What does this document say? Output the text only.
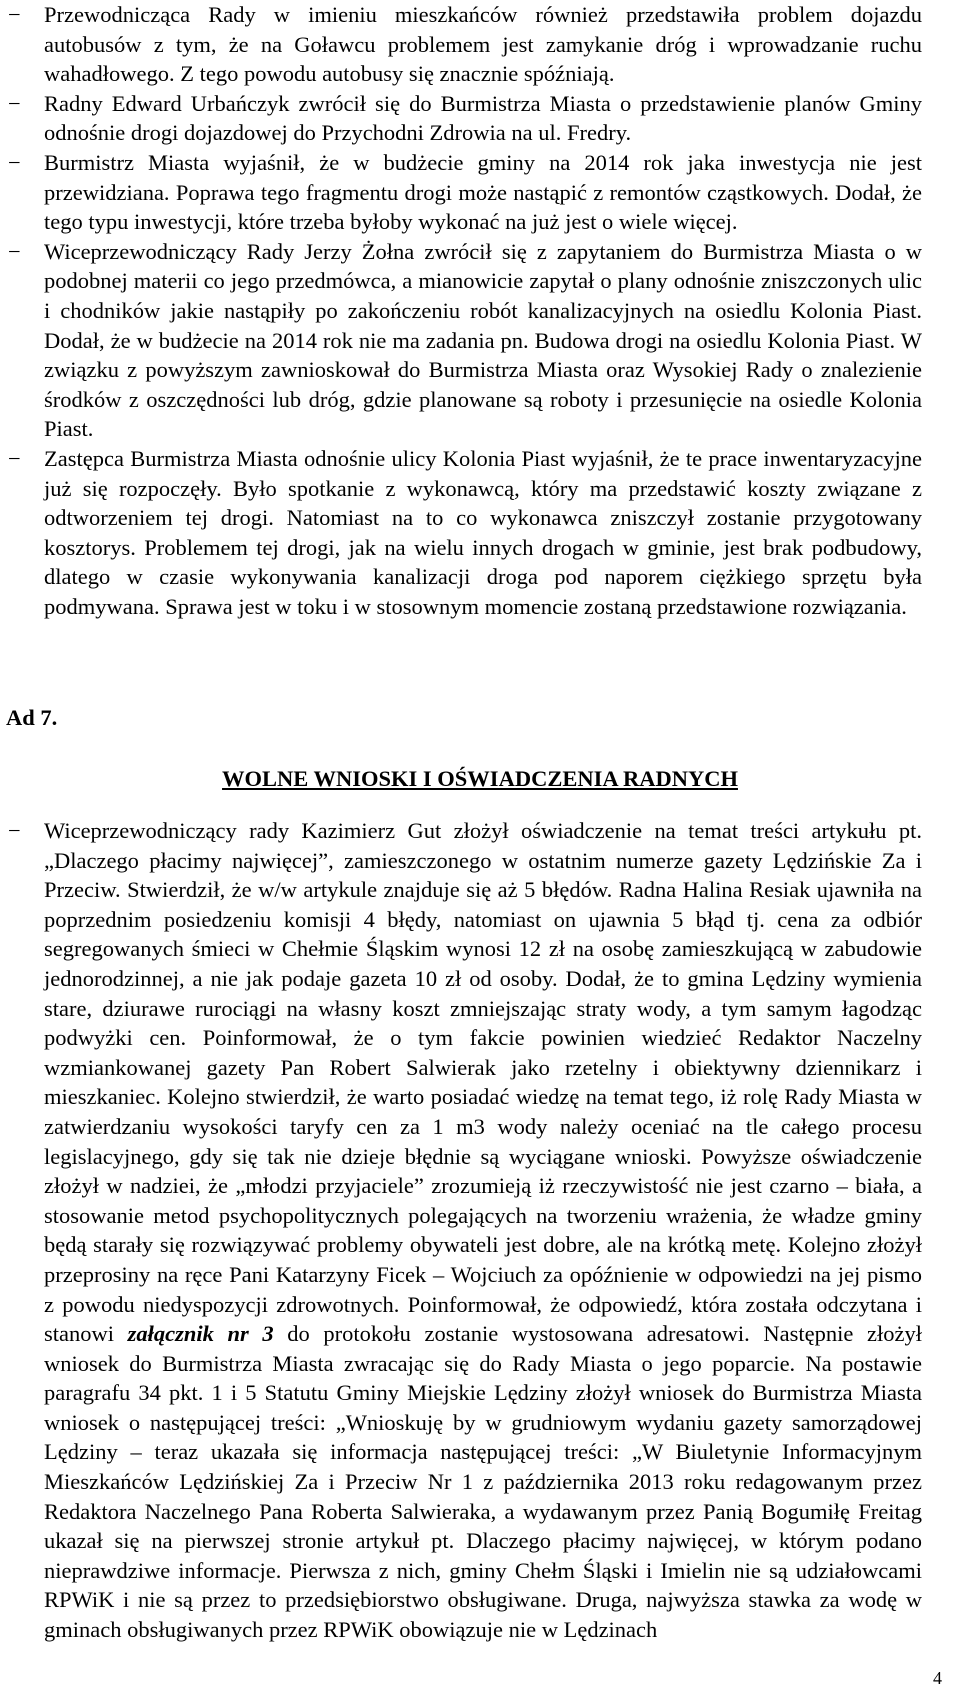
− Przewodnicząca Rady w imieniu mieszkańców również przedstawiła problem dojazdu autobusów z tym, że na Goławcu problemem jest zamykanie dróg i wprowadzanie ruchu wahadłowego. Z tego powodu autobusy się znacznie spóźniają.
− Radny Edward Urbańczyk zwrócił się do Burmistrza Miasta o przedstawienie planów Gminy odnośnie drogi dojazdowej do Przychodni Zdrowia na ul. Fredry.
− Burmistrz Miasta wyjaśnił, że w budżecie gminy na 2014 rok jaka inwestycja nie jest przewidziana. Poprawa tego fragmentu drogi może nastąpić z remontów cząstkowych. Dodał, że tego typu inwestycji, które trzeba byłoby wykonać na już jest o wiele więcej.
− Wiceprzewodniczący Rady Jerzy Żołna zwrócił się z zapytaniem do Burmistrza Miasta o w podobnej materii co jego przedmówca, a mianowicie zapytał o plany odnośnie zniszczonych ulic i chodników jakie nastąpiły po zakończeniu robót kanalizacyjnych na osiedlu Kolonia Piast. Dodał, że w budżecie na 2014 rok nie ma zadania pn. Budowa drogi na osiedlu Kolonia Piast. W związku z powyższym zawnioskował do Burmistrza Miasta oraz Wysokiej Rady o znalezienie środków z oszczędności lub dróg, gdzie planowane są roboty i przesunięcie na osiedle Kolonia Piast.
− Zastępca Burmistrza Miasta odnośnie ulicy Kolonia Piast wyjaśnił, że te prace inwentaryzacyjne już się rozpoczęły. Było spotkanie z wykonawcą, który ma przedstawić koszty związane z odtworzeniem tej drogi. Natomiast na to co wykonawca zniszczył zostanie przygotowany kosztorys. Problemem tej drogi, jak na wielu innych drogach w gminie, jest brak podbudowy, dlatego w czasie wykonywania kanalizacji droga pod naporem ciężkiego sprzętu była podmywana. Sprawa jest w toku i w stosownym momencie zostaną przedstawione rozwiązania.
Ad 7.
WOLNE WNIOSKI I OŚWIADCZENIA RADNYCH
− Wiceprzewodniczący rady Kazimierz Gut złożył oświadczenie na temat treści artykułu pt. „Dlaczego płacimy najwięcej”, zamieszczonego w ostatnim numerze gazety Lędzińskie Za i Przeciw. Stwierdził, że w/w artykule znajduje się aż 5 błędów. Radna Halina Resiak ujawniła na poprzednim posiedzeniu komisji 4 błędy, natomiast on ujawnia 5 błąd tj. cena za odbiór segregowanych śmieci w Chełmie Śląskim wynosi 12 zł na osobę zamieszkującą w zabudowie jednorodzinnej, a nie jak podaje gazeta 10 zł od osoby. Dodał, że to gmina Lędziny wymienia stare, dziurawe rurociągi na własny koszt zmniejszając straty wody, a tym samym łagodząc podwyżki cen. Poinformował, że o tym fakcie powinien wiedzieć Redaktor Naczelny wzmiankowanej gazety Pan Robert Salwierak jako rzetelny i obiektywny dziennikarz i mieszkaniec. Kolejno stwierdził, że warto posiadać wiedzę na temat tego, iż rolę Rady Miasta w zatwierdzaniu wysokości taryfy cen za 1 m3 wody należy oceniać na tle całego procesu legislacyjnego, gdy się tak nie dzieje błędnie są wyciągane wnioski. Powyższe oświadczenie złożył w nadziei, że „młodzi przyjaciele” zrozumieją iż rzeczywistość nie jest czarno – biała, a stosowanie metod psychopolitycznych polegających na tworzeniu wrażenia, że władze gminy będą starały się rozwiązywać problemy obywateli jest dobre, ale na krótką metę. Kolejno złożył przeprosiny na ręce Pani Katarzyny Ficek – Wojciuch za opóźnienie w odpowiedzi na jej pismo z powodu niedyspozycji zdrowotnych. Poinformował, że odpowiedź, która została odczytana i stanowi załącznik nr 3 do protokołu zostanie wystosowana adresatowi. Następnie złożył wniosek do Burmistrza Miasta zwracając się do Rady Miasta o jego poparcie. Na postawie paragrafu 34 pkt. 1 i 5 Statutu Gminy Miejskie Lędziny złożył wniosek do Burmistrza Miasta wniosek o następującej treści: „Wnioskuję by w grudniowym wydaniu gazety samorządowej Lędziny – teraz ukazała się informacja następującej treści: „W Biuletynie Informacyjnym Mieszkańców Lędzińskiej Za i Przeciw Nr 1 z października 2013 roku redagowanym przez Redaktora Naczelnego Pana Roberta Salwieraka, a wydawanym przez Panią Bogumiłę Freitag ukazał się na pierwszej stronie artykuł pt. Dlaczego płacimy najwięcej, w którym podano nieprawdziwe informacje. Pierwsza z nich, gminy Chełm Śląski i Imielin nie są udziałowcami RPWiK i nie są przez to przedsiębiorstwo obsługiwane. Druga, najwyższa stawka za wodę w gminach obsługiwanych przez RPWiK obowiązuje nie w Lędzinach
4
